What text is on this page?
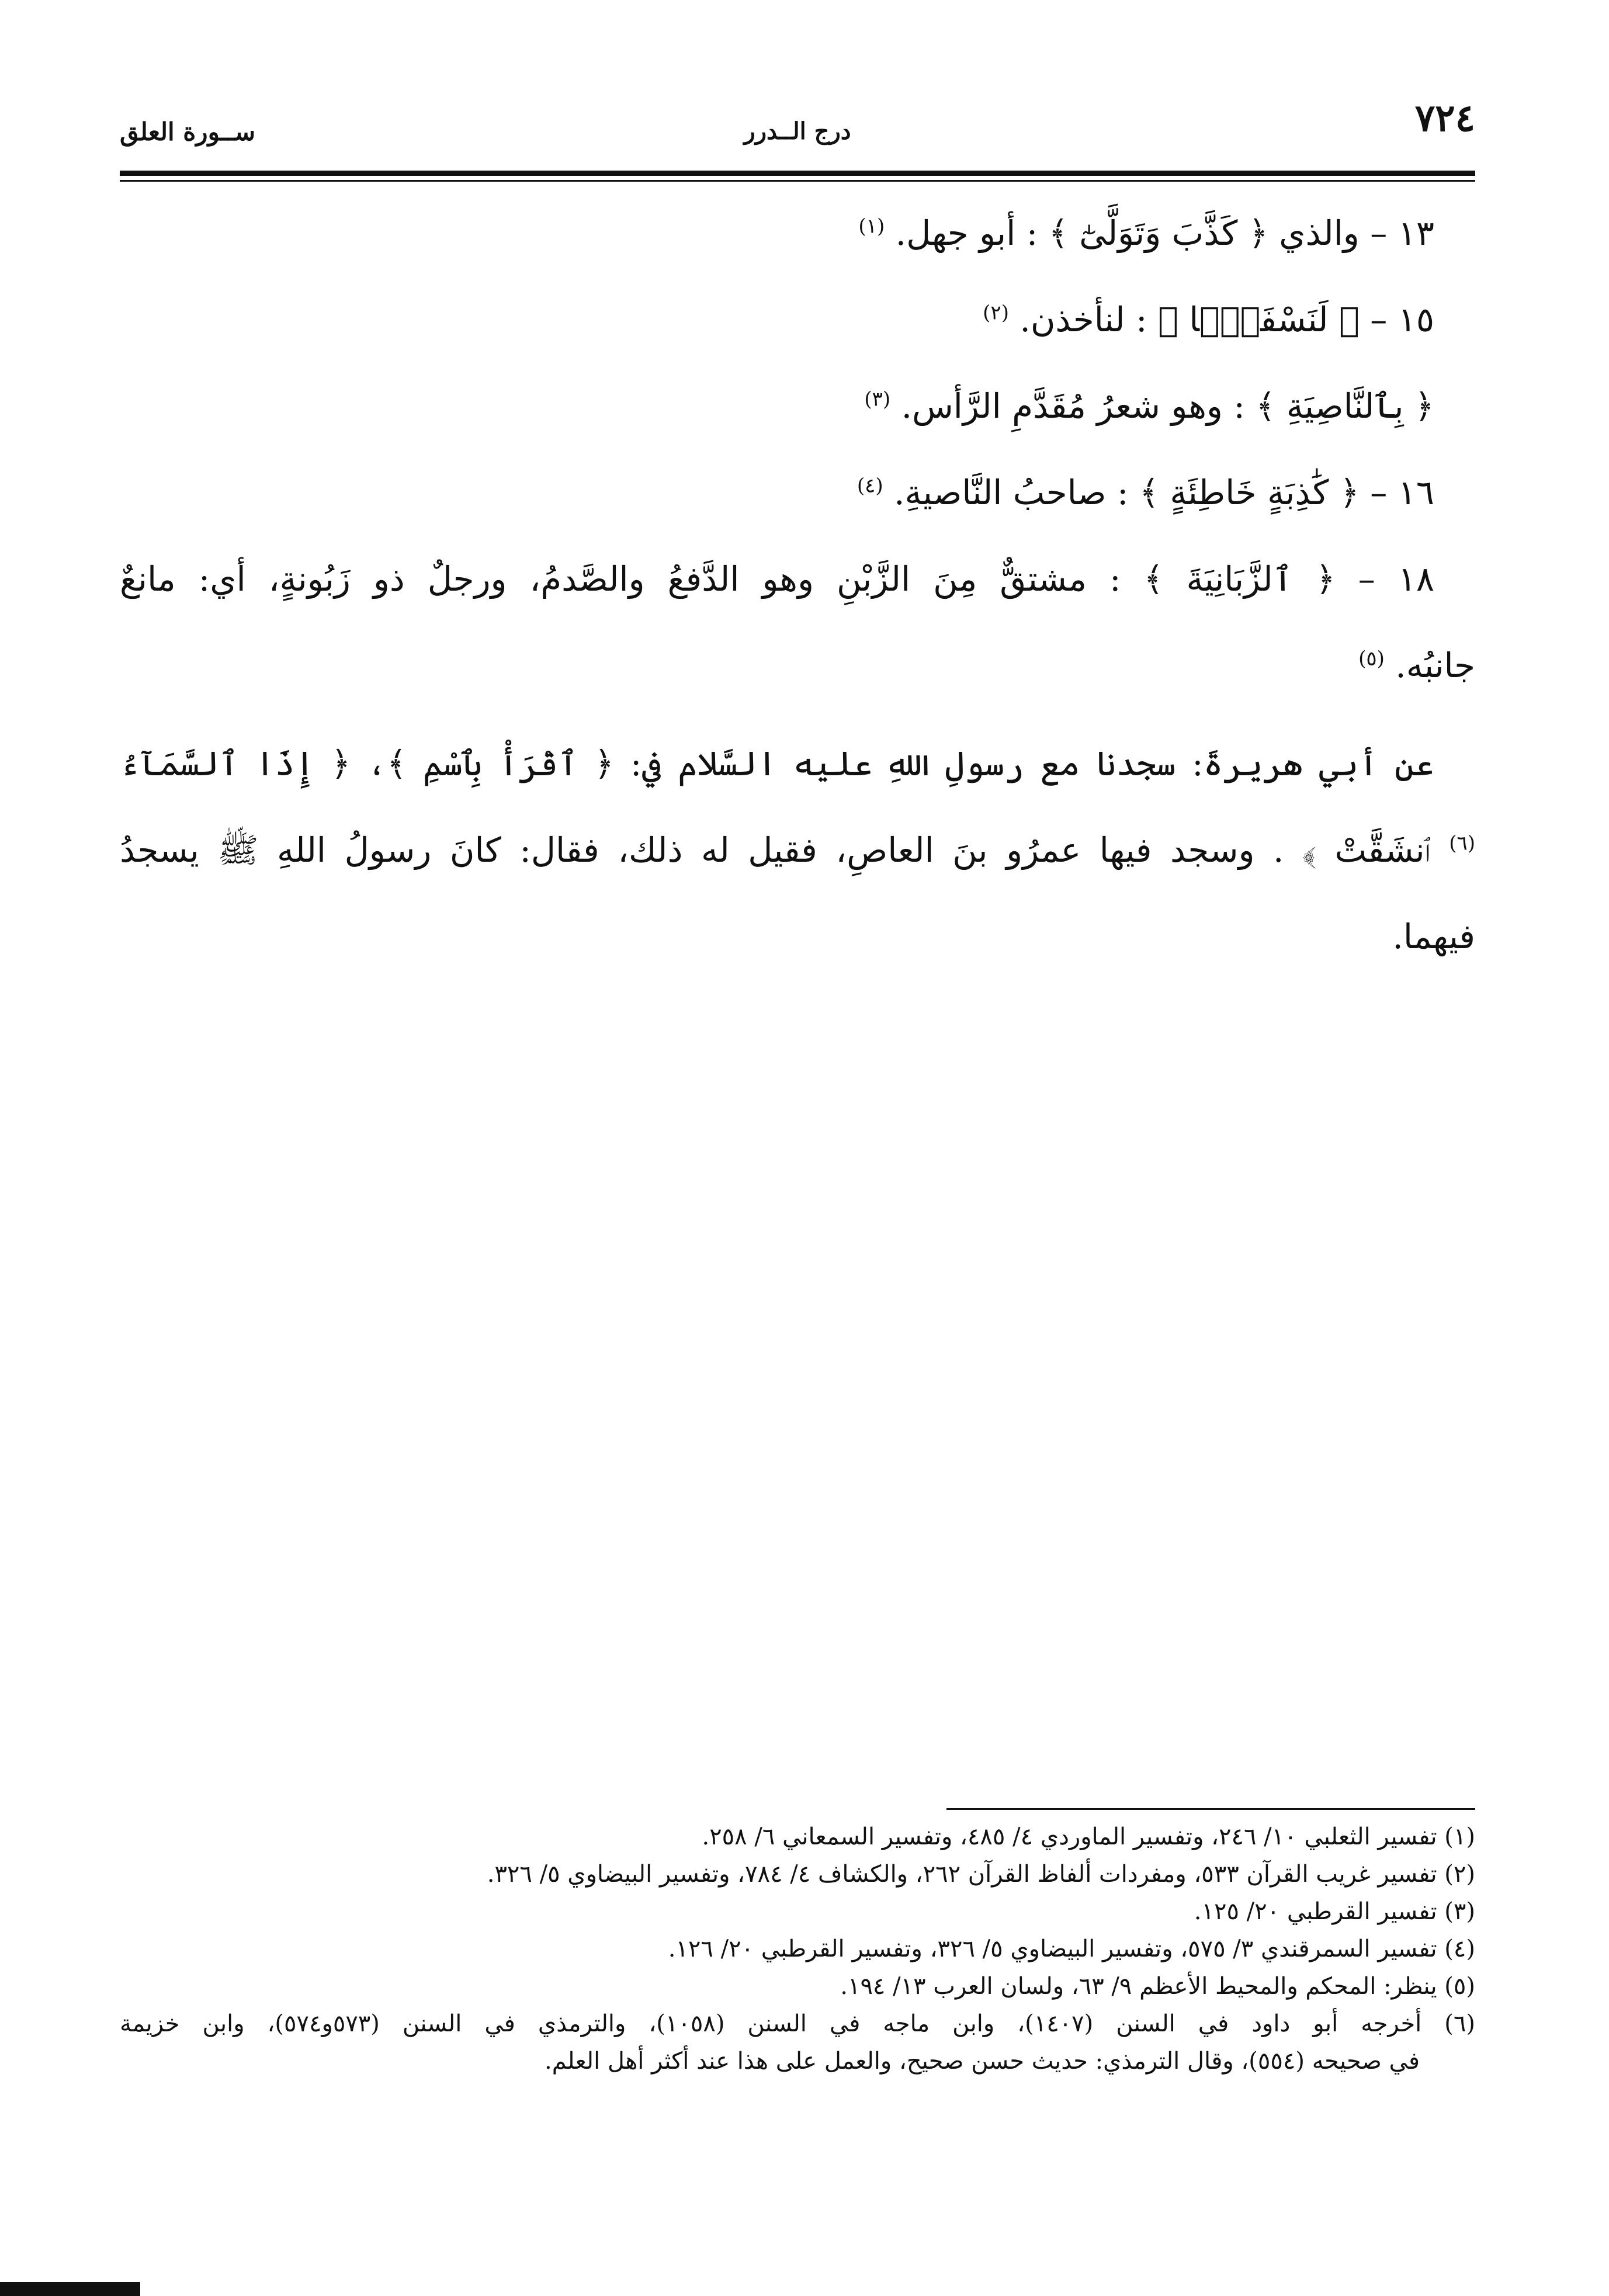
٧٢٤
درج الــدرر
ســورة العلق
١٣ – والذي ﴿ كَذَّبَ وَتَوَلَّىٰٓ ﴾ : أبو جهل. $^{(١)}$
١٥ – ﴿ لَنَسْفَعًۢا ﴾ : لنأخذن. $^{(٢)}$
﴿ بِٱلنَّاصِيَةِ ﴾ : وهو شعرُ مُقَدَّمِ الرَّأس. $^{(٣)}$
١٦ – ﴿ كَٰذِبَةٍ خَاطِئَةٍ ﴾ : صاحبُ النَّاصيةِ. $^{(٤)}$
١٨ – ﴿ ٱلزَّبَانِيَةَ ﴾ : مشتقٌّ مِنَ الزَّبْنِ وهو الدَّفعُ والصَّدمُ، ورجلٌ ذو زَبُونةٍ، أي: مانعٌ
جانبُه. $^{(٥)}$
عن أبي هريرةَ: سجدنا مع رسولِ اللهِ عليه السَّلام في: ﴿ ٱقْرَأْ بِٱسْمِ ﴾، ﴿ إِذَا ٱلسَّمَآءُ
$^{(٦)}$ ٱنشَقَّتْ ﴾ . وسجد فيها عمرُو بنَ العاصِ، فقيل له ذلك، فقال: كانَ رسولُ اللهِ ﷺ يسجدُ
فيهما.
(١) تفسير الثعلبي ١٠/ ٢٤٦، وتفسير الماوردي ٤/ ٤٨٥، وتفسير السمعاني ٦/ ٢٥٨.
(٢) تفسير غريب القرآن ٥٣٣، ومفردات ألفاظ القرآن ٢٦٢، والكشاف ٤/ ٧٨٤، وتفسير البيضاوي ٥/ ٣٢٦.
(٣) تفسير القرطبي ٢٠/ ١٢٥.
(٤) تفسير السمرقندي ٣/ ٥٧٥، وتفسير البيضاوي ٥/ ٣٢٦، وتفسير القرطبي ٢٠/ ١٢٦.
(٥) ينظر: المحكم والمحيط الأعظم ٩/ ٦٣، ولسان العرب ١٣/ ١٩٤.
(٦) أخرجه أبو داود في السنن (١٤٠٧)، وابن ماجه في السنن (١٠٥٨)، والترمذي في السنن (٥٧٣و٥٧٤)، وابن خزيمة
في صحيحه (٥٥٤)، وقال الترمذي: حديث حسن صحيح، والعمل على هذا عند أكثر أهل العلم.
